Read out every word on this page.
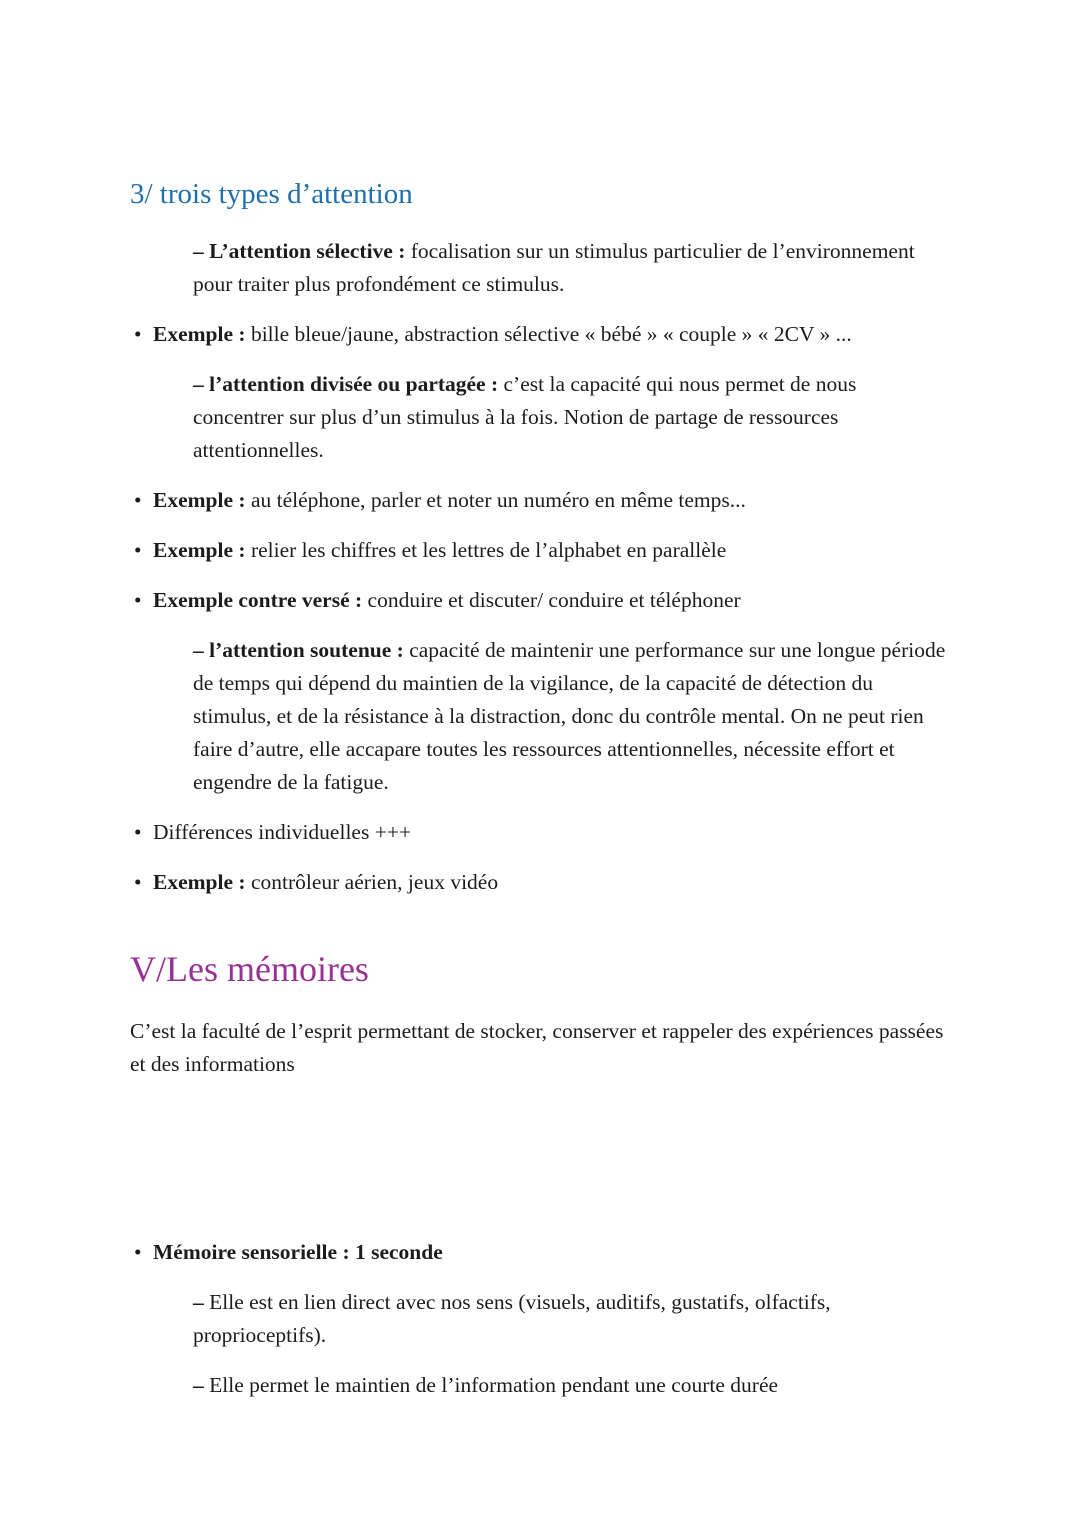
3/ trois types d’attention

– L’attention sélective : focalisation sur un stimulus particulier de l’environnement pour traiter plus profondément ce stimulus.

• Exemple : bille bleue/jaune, abstraction sélective « bébé » « couple » « 2CV » ...

– l’attention divisée ou partagée : c’est la capacité qui nous permet de nous concentrer sur plus d’un stimulus à la fois. Notion de partage de ressources attentionnelles.

• Exemple : au téléphone, parler et noter un numéro en même temps...

• Exemple : relier les chiffres et les lettres de l’alphabet en parallèle

• Exemple contre versé : conduire et discuter/ conduire et téléphoner

– l’attention soutenue : capacité de maintenir une performance sur une longue période de temps qui dépend du maintien de la vigilance, de la capacité de détection du stimulus, et de la résistance à la distraction, donc du contrôle mental. On ne peut rien faire d’autre, elle accapare toutes les ressources attentionnelles, nécessite effort et engendre de la fatigue.

• Différences individuelles +++

• Exemple : contrôleur aérien, jeux vidéo

V/Les mémoires

C’est la faculté de l’esprit permettant de stocker, conserver et rappeler des expériences passées et des informations

• Mémoire sensorielle : 1 seconde

– Elle est en lien direct avec nos sens (visuels, auditifs, gustatifs, olfactifs, proprioceptifs).

– Elle permet le maintien de l’information pendant une courte durée
